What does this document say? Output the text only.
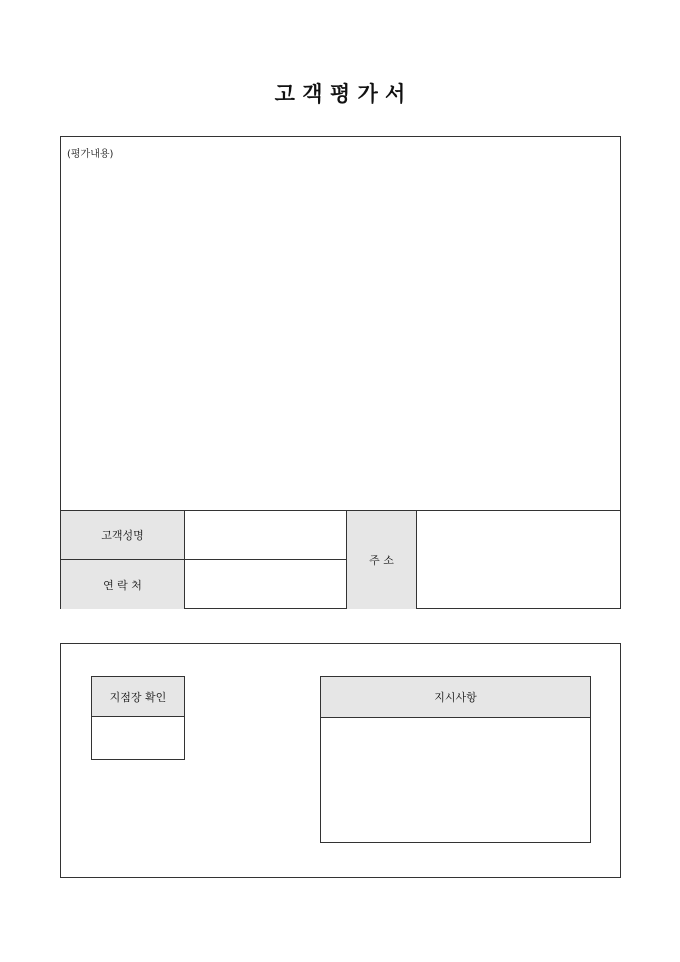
고 객 평 가 서
(평가내용)
고객성명
연 락 처
주 소
지점장 확인	지시사항
